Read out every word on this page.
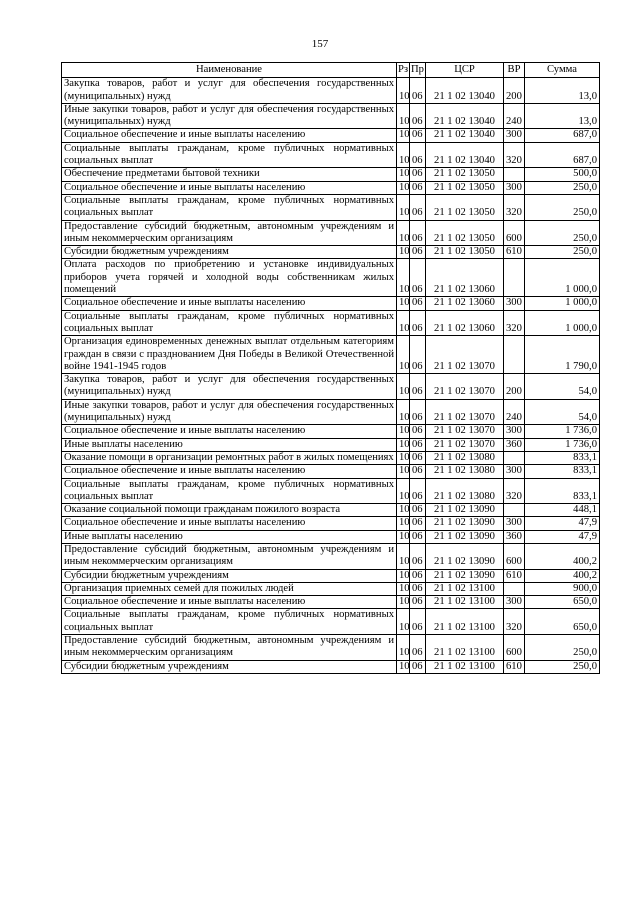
157
Наименование	Рз	Пр	ЦСР	ВР	Сумма
Закупка товаров, работ и услуг для обеспечения государственных (муниципальных) нужд	10	06	21 1 02 13040	200	13,0
Иные закупки товаров, работ и услуг для обеспечения государственных (муниципальных) нужд	10	06	21 1 02 13040	240	13,0
Социальное обеспечение и иные выплаты населению	10	06	21 1 02 13040	300	687,0
Социальные выплаты гражданам, кроме публичных нормативных социальных выплат	10	06	21 1 02 13040	320	687,0
Обеспечение предметами бытовой техники	10	06	21 1 02 13050		500,0
Социальное обеспечение и иные выплаты населению	10	06	21 1 02 13050	300	250,0
Социальные выплаты гражданам, кроме публичных нормативных социальных выплат	10	06	21 1 02 13050	320	250,0
Предоставление субсидий бюджетным, автономным учреждениям и иным некоммерческим организациям	10	06	21 1 02 13050	600	250,0
Субсидии бюджетным учреждениям	10	06	21 1 02 13050	610	250,0
Оплата расходов по приобретению и установке индивидуальных приборов учета горячей и холодной воды собственникам жилых помещений	10	06	21 1 02 13060		1 000,0
Социальное обеспечение и иные выплаты населению	10	06	21 1 02 13060	300	1 000,0
Социальные выплаты гражданам, кроме публичных нормативных социальных выплат	10	06	21 1 02 13060	320	1 000,0
Организация единовременных денежных выплат отдельным категориям граждан в связи с празднованием Дня Победы в Великой Отечественной войне 1941-1945 годов	10	06	21 1 02 13070		1 790,0
Закупка товаров, работ и услуг для обеспечения государственных (муниципальных) нужд	10	06	21 1 02 13070	200	54,0
Иные закупки товаров, работ и услуг для обеспечения государственных (муниципальных) нужд	10	06	21 1 02 13070	240	54,0
Социальное обеспечение и иные выплаты населению	10	06	21 1 02 13070	300	1 736,0
Иные выплаты населению	10	06	21 1 02 13070	360	1 736,0
Оказание помощи в организации ремонтных работ в жилых помещениях	10	06	21 1 02 13080		833,1
Социальное обеспечение и иные выплаты населению	10	06	21 1 02 13080	300	833,1
Социальные выплаты гражданам, кроме публичных нормативных социальных выплат	10	06	21 1 02 13080	320	833,1
Оказание социальной помощи гражданам пожилого возраста	10	06	21 1 02 13090		448,1
Социальное обеспечение и иные выплаты населению	10	06	21 1 02 13090	300	47,9
Иные выплаты населению	10	06	21 1 02 13090	360	47,9
Предоставление субсидий бюджетным, автономным учреждениям и иным некоммерческим организациям	10	06	21 1 02 13090	600	400,2
Субсидии бюджетным учреждениям	10	06	21 1 02 13090	610	400,2
Организация приемных семей для пожилых людей	10	06	21 1 02 13100		900,0
Социальное обеспечение и иные выплаты населению	10	06	21 1 02 13100	300	650,0
Социальные выплаты гражданам, кроме публичных нормативных социальных выплат	10	06	21 1 02 13100	320	650,0
Предоставление субсидий бюджетным, автономным учреждениям и иным некоммерческим организациям	10	06	21 1 02 13100	600	250,0
Субсидии бюджетным учреждениям	10	06	21 1 02 13100	610	250,0
